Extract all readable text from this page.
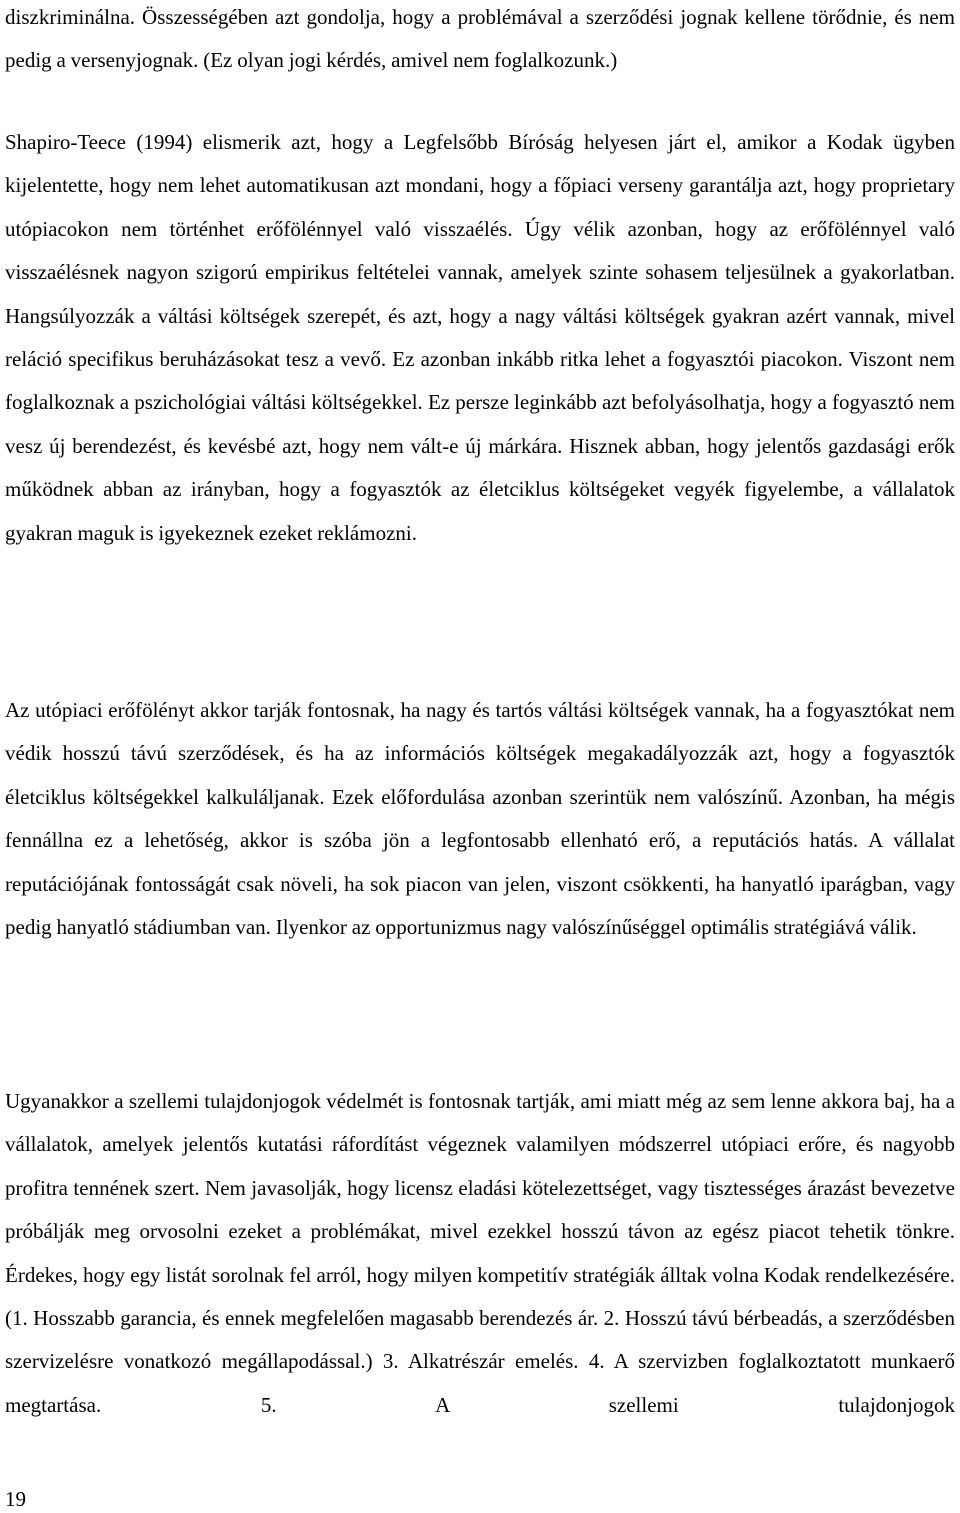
diszkriminálna. Összességében azt gondolja, hogy a problémával a szerződési jognak kellene törődnie, és nem pedig a versenyjognak. (Ez olyan jogi kérdés, amivel nem foglalkozunk.)

Shapiro-Teece (1994) elismerik azt, hogy a Legfelsőbb Bíróság helyesen járt el, amikor a Kodak ügyben kijelentette, hogy nem lehet automatikusan azt mondani, hogy a főpiaci verseny garantálja azt, hogy proprietary utópiacokon nem történhet erőfölénnyel való visszaélés. Úgy vélik azonban, hogy az erőfölénnyel való visszaélésnek nagyon szigorú empirikus feltételei vannak, amelyek szinte sohasem teljesülnek a gyakorlatban. Hangsúlyozzák a váltási költségek szerepét, és azt, hogy a nagy váltási költségek gyakran azért vannak, mivel reláció specifikus beruházásokat tesz a vevő. Ez azonban inkább ritka lehet a fogyasztói piacokon. Viszont nem foglalkoznak a pszichológiai váltási költségekkel. Ez persze leginkább azt befolyásolhatja, hogy a fogyasztó nem vesz új berendezést, és kevésbé azt, hogy nem vált-e új márkára. Hisznek abban, hogy jelentős gazdasági erők működnek abban az irányban, hogy a fogyasztók az életciklus költségeket vegyék figyelembe, a vállalatok gyakran maguk is igyekeznek ezeket reklámozni.

Az utópiaci erőfölényt akkor tarják fontosnak, ha nagy és tartós váltási költségek vannak, ha a fogyasztókat nem védik hosszú távú szerződések, és ha az információs költségek megakadályozzák azt, hogy a fogyasztók életciklus költségekkel kalkuláljanak. Ezek előfordulása azonban szerintük nem valószínű. Azonban, ha mégis fennállna ez a lehetőség, akkor is szóba jön a legfontosabb ellenható erő, a reputációs hatás. A vállalat reputációjának fontosságát csak növeli, ha sok piacon van jelen, viszont csökkenti, ha hanyatló iparágban, vagy pedig hanyatló stádiumban van. Ilyenkor az opportunizmus nagy valószínűséggel optimális stratégiává válik.

Ugyanakkor a szellemi tulajdonjogok védelmét is fontosnak tartják, ami miatt még az sem lenne akkora baj, ha a vállalatok, amelyek jelentős kutatási ráfordítást végeznek valamilyen módszerrel utópiaci erőre, és nagyobb profitra tennének szert. Nem javasolják, hogy licensz eladási kötelezettséget, vagy tisztességes árazást bevezetve próbálják meg orvosolni ezeket a problémákat, mivel ezekkel hosszú távon az egész piacot tehetik tönkre. Érdekes, hogy egy listát sorolnak fel arról, hogy milyen kompetitív stratégiák álltak volna Kodak rendelkezésére. (1. Hosszabb garancia, és ennek megfelelően magasabb berendezés ár. 2. Hosszú távú bérbeadás, a szerződésben szervizelésre vonatkozó megállapodással.) 3. Alkatrészár emelés. 4. A szervizben foglalkoztatott munkaerő megtartása. 5. A szellemi tulajdonjogok

19
